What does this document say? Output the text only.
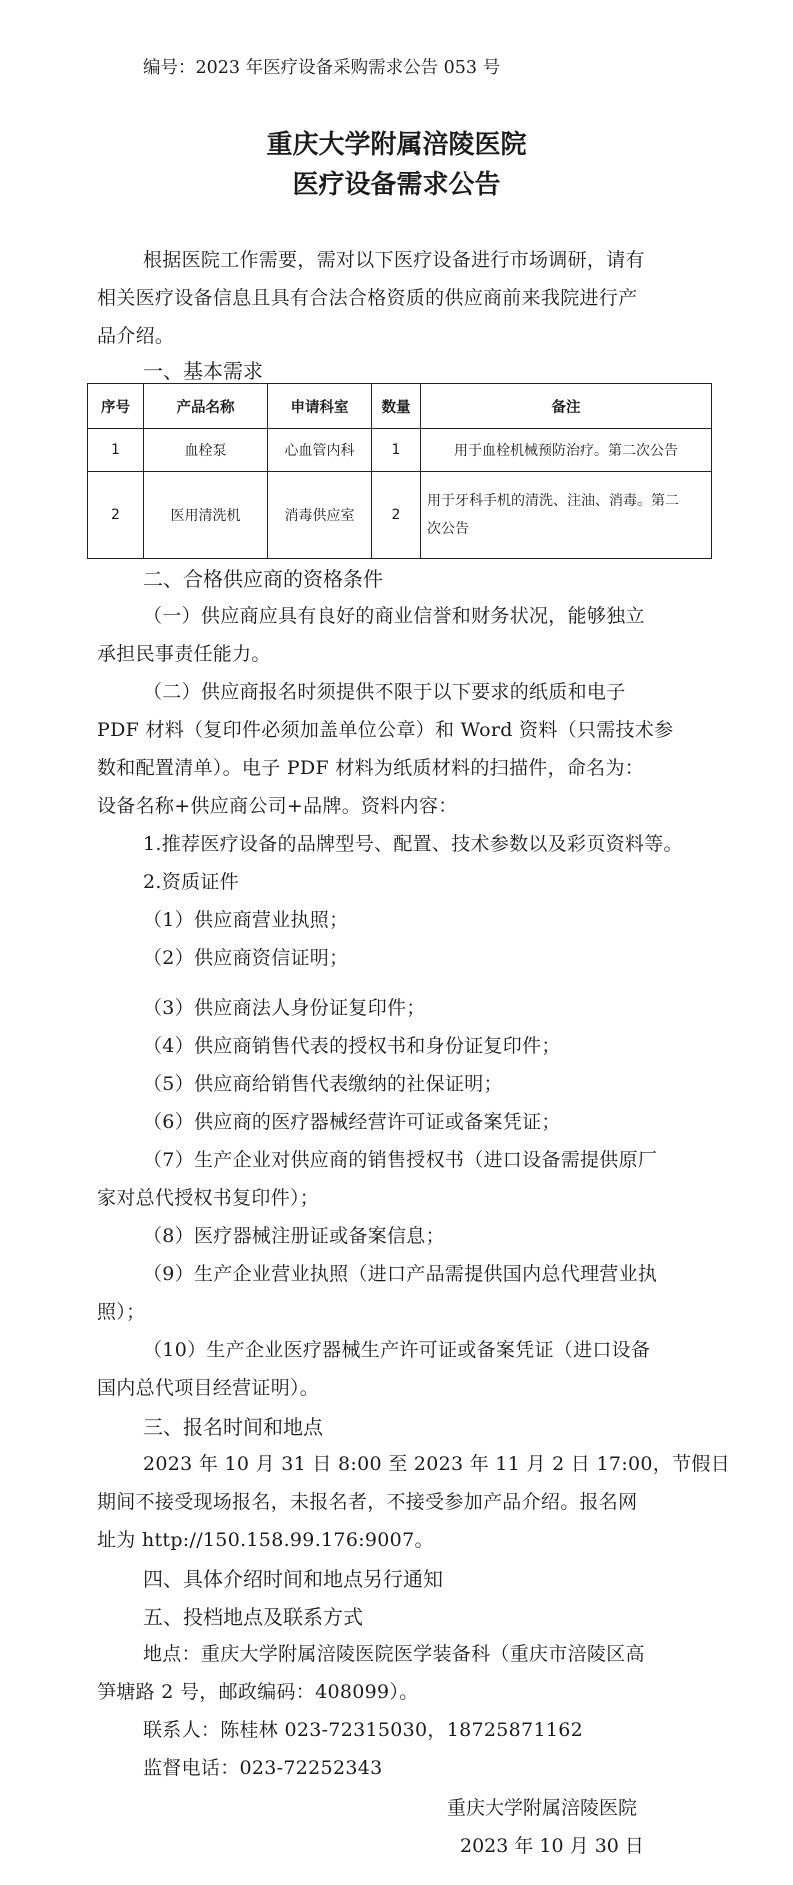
编号：2023 年医疗设备采购需求公告 053 号
重庆大学附属涪陵医院
医疗设备需求公告
根据医院工作需要，需对以下医疗设备进行市场调研，请有
相关医疗设备信息且具有合法合格资质的供应商前来我院进行产
品介绍。
一、基本需求
序号	产品名称	申请科室	数量	备注
1	血栓泵	心血管内科	1	用于血栓机械预防治疗。第二次公告
2	医用清洗机	消毒供应室	2	用于牙科手机的清洗、注油、消毒。第二
次公告
二、合格供应商的资格条件
（一）供应商应具有良好的商业信誉和财务状况，能够独立
承担民事责任能力。
（二）供应商报名时须提供不限于以下要求的纸质和电子
PDF 材料（复印件必须加盖单位公章）和 Word 资料（只需技术参
数和配置清单）。电子 PDF 材料为纸质材料的扫描件，命名为：
设备名称+供应商公司+品牌。资料内容：
1.推荐医疗设备的品牌型号、配置、技术参数以及彩页资料等。
2.资质证件
（1）供应商营业执照；
（2）供应商资信证明；
（3）供应商法人身份证复印件；
（4）供应商销售代表的授权书和身份证复印件；
（5）供应商给销售代表缴纳的社保证明；
（6）供应商的医疗器械经营许可证或备案凭证；
（7）生产企业对供应商的销售授权书（进口设备需提供原厂
家对总代授权书复印件）；
（8）医疗器械注册证或备案信息；
（9）生产企业营业执照（进口产品需提供国内总代理营业执
照）；
（10）生产企业医疗器械生产许可证或备案凭证（进口设备
国内总代项目经营证明）。
三、报名时间和地点
2023 年 10 月 31 日 8:00 至 2023 年 11 月 2 日 17:00，节假日
期间不接受现场报名，未报名者，不接受参加产品介绍。报名网
址为 http://150.158.99.176:9007。
四、具体介绍时间和地点另行通知
五、投档地点及联系方式
地点：重庆大学附属涪陵医院医学装备科（重庆市涪陵区高
笋塘路 2 号，邮政编码：408099）。
联系人：陈桂林 023-72315030，18725871162
监督电话：023-72252343
重庆大学附属涪陵医院
2023 年 10 月 30 日
